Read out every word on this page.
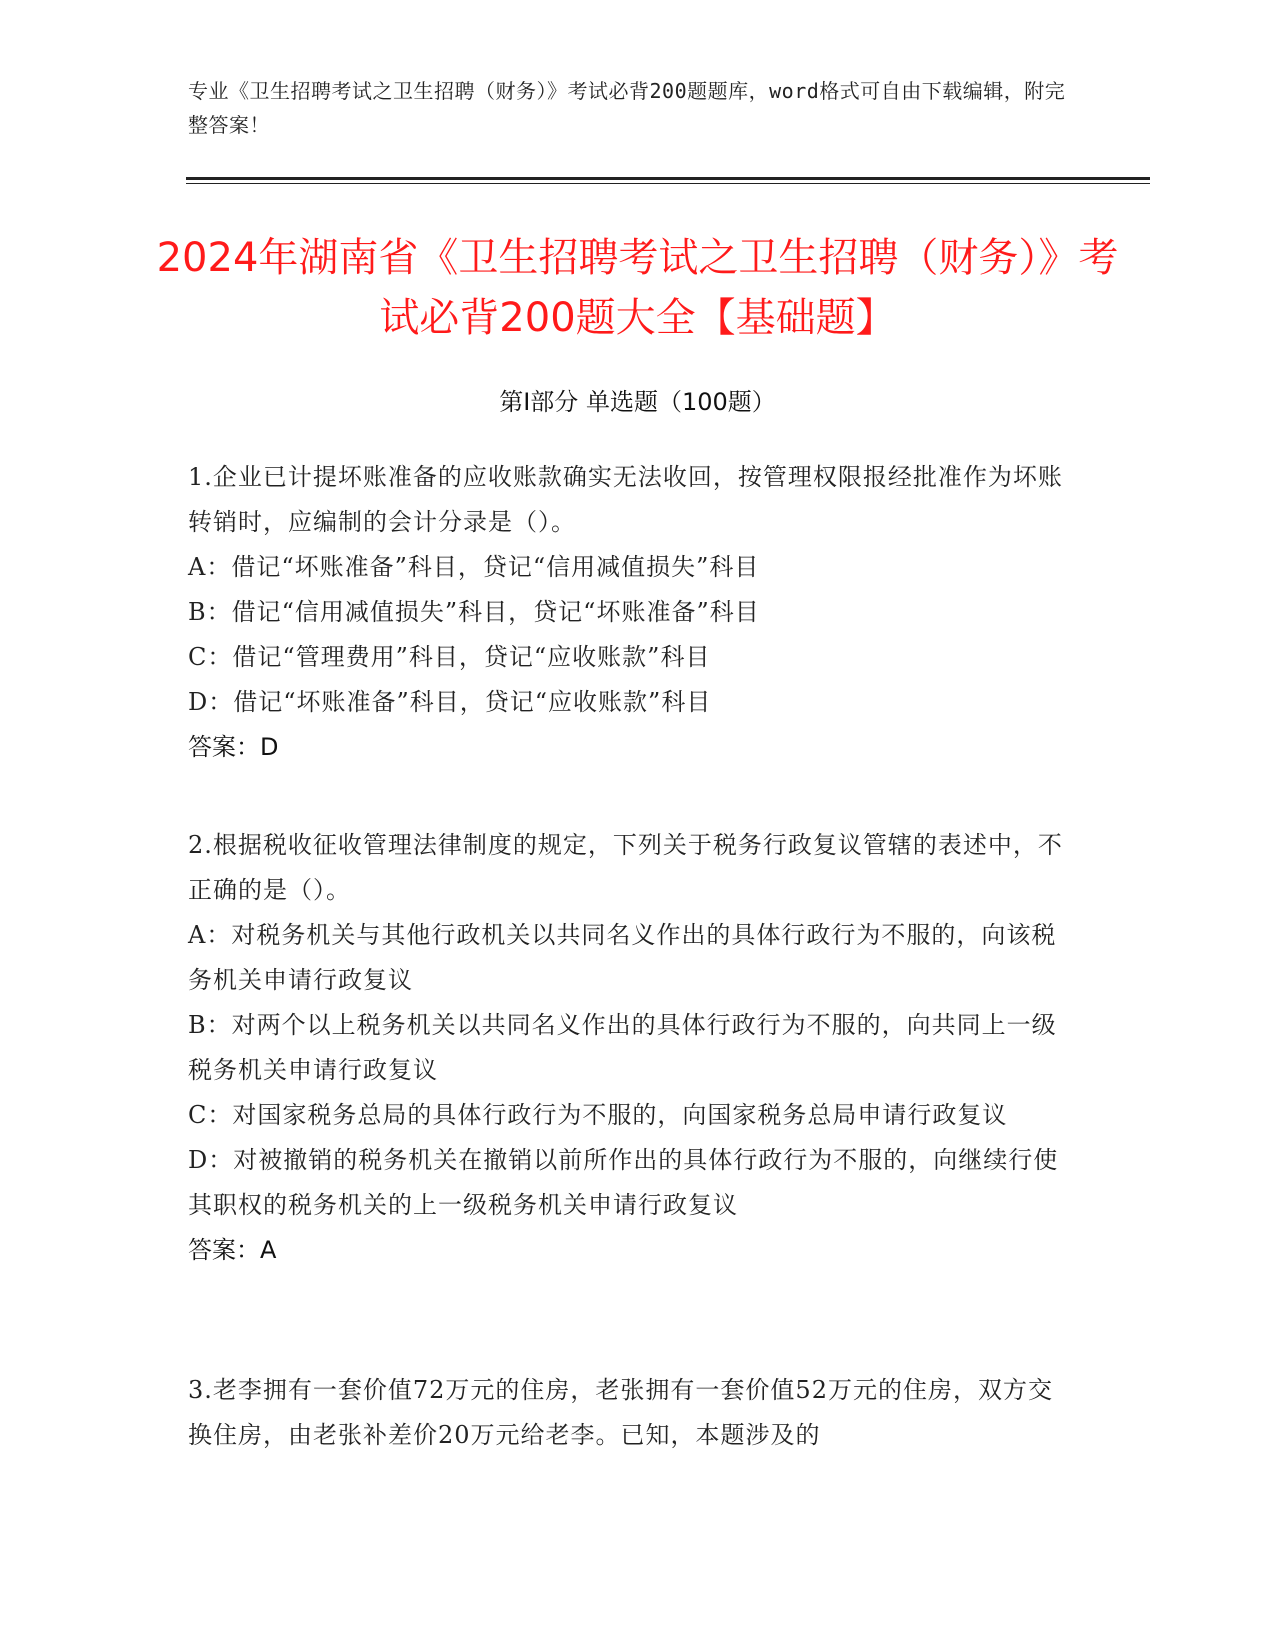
专业《卫生招聘考试之卫生招聘（财务）》考试必背200题题库，word格式可自由下载编辑，附完整答案！
2024年湖南省《卫生招聘考试之卫生招聘（财务）》考试必背200题大全【基础题】
第Ⅰ部分 单选题（100题）
1.企业已计提坏账准备的应收账款确实无法收回，按管理权限报经批准作为坏账转销时，应编制的会计分录是（）。
A：借记“坏账准备”科目，贷记“信用减值损失”科目
B：借记“信用减值损失”科目，贷记“坏账准备”科目
C：借记“管理费用”科目，贷记“应收账款”科目
D：借记“坏账准备”科目，贷记“应收账款”科目
答案：D
2.根据税收征收管理法律制度的规定，下列关于税务行政复议管辖的表述中，不正确的是（）。
A：对税务机关与其他行政机关以共同名义作出的具体行政行为不服的，向该税务机关申请行政复议
B：对两个以上税务机关以共同名义作出的具体行政行为不服的，向共同上一级税务机关申请行政复议
C：对国家税务总局的具体行政行为不服的，向国家税务总局申请行政复议
D：对被撤销的税务机关在撤销以前所作出的具体行政行为不服的，向继续行使其职权的税务机关的上一级税务机关申请行政复议
答案：A
3.老李拥有一套价值72万元的住房，老张拥有一套价值52万元的住房，双方交换住房，由老张补差价20万元给老李。已知，本题涉及的
